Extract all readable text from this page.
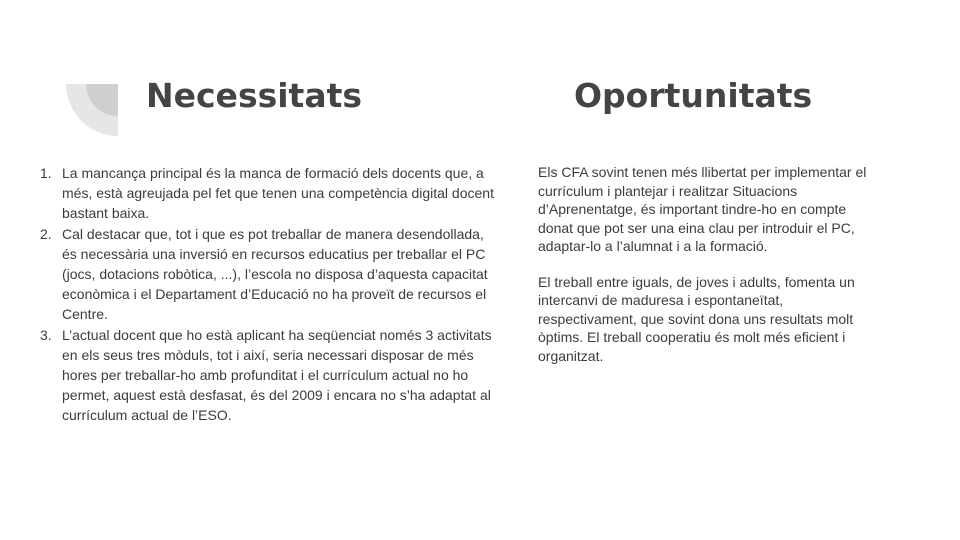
Necessitats	Oportunitats
1. La mancança principal és la manca de formació dels docents que, a més, està agreujada pel fet que tenen una competència digital docent bastant baixa.
2. Cal destacar que, tot i que es pot treballar de manera desendollada, és necessària una inversió en recursos educatius per treballar el PC (jocs, dotacions robòtica, ...), l’escola no disposa d’aquesta capacitat econòmica i el Departament d’Educació no ha proveït de recursos el Centre.
3. L’actual docent que ho està aplicant ha seqüenciat només 3 activitats en els seus tres mòduls, tot i així, seria necessari disposar de més hores per treballar-ho amb profunditat i el currículum actual no ho permet, aquest està desfasat, és del 2009 i encara no s’ha adaptat al currículum actual de l’ESO.

Els CFA sovint tenen més llibertat per implementar el currículum i plantejar i realitzar Situacions d’Aprenentatge, és important tindre-ho en compte donat que pot ser una eina clau per introduir el PC, adaptar-lo a l’alumnat i a la formació.

El treball entre iguals, de joves i adults, fomenta un intercanvi de maduresa i espontaneïtat, respectivament, que sovint dona uns resultats molt òptims. El treball cooperatiu és molt més eficient i organitzat.
